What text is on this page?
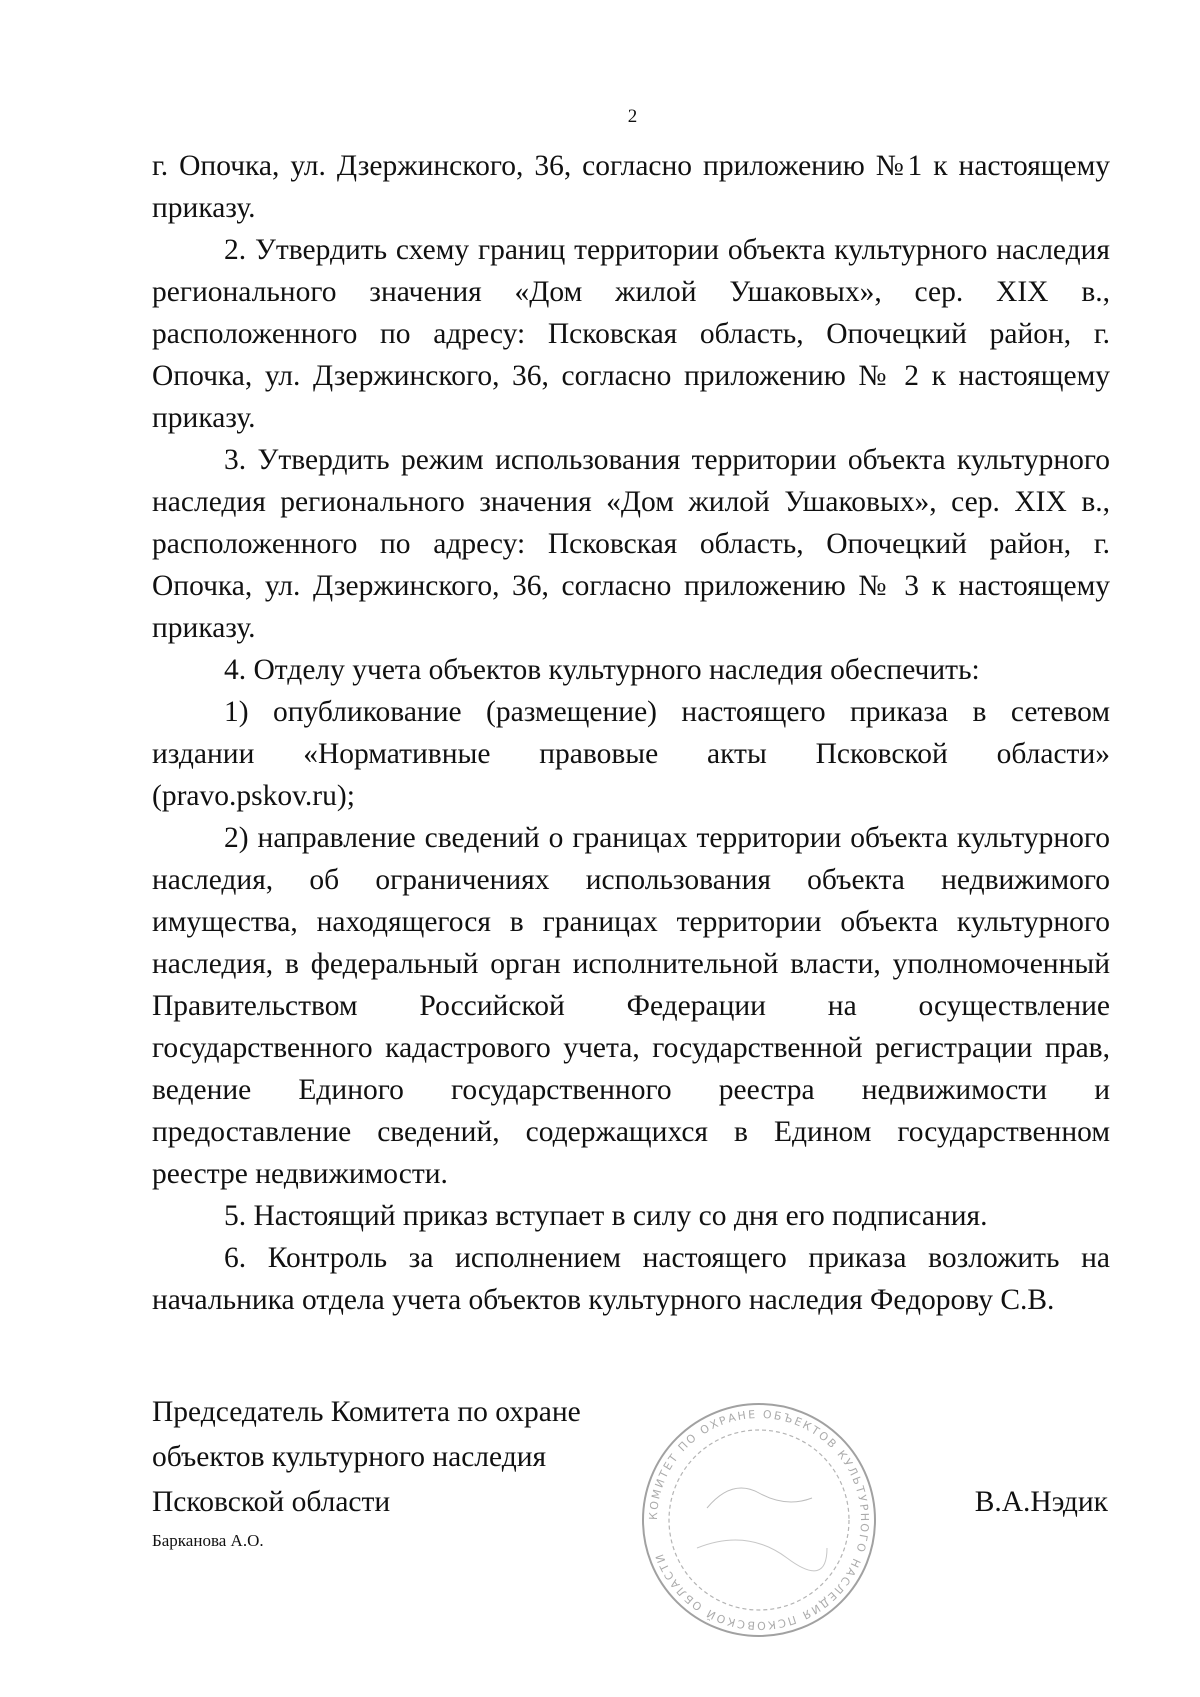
2

г. Опочка, ул. Дзержинского, 36, согласно приложению №1 к настоящему приказу.

2. Утвердить схему границ территории объекта культурного наследия регионального значения «Дом жилой Ушаковых», сер. XIX в., расположенного по адресу: Псковская область, Опочецкий район, г. Опочка, ул. Дзержинского, 36, согласно приложению № 2 к настоящему приказу.

3. Утвердить режим использования территории объекта культурного наследия регионального значения «Дом жилой Ушаковых», сер. XIX в., расположенного по адресу: Псковская область, Опочецкий район, г. Опочка, ул. Дзержинского, 36, согласно приложению № 3 к настоящему приказу.

4. Отделу учета объектов культурного наследия обеспечить:

1) опубликование (размещение) настоящего приказа в сетевом издании «Нормативные правовые акты Псковской области» (pravo.pskov.ru);

2) направление сведений о границах территории объекта культурного наследия, об ограничениях использования объекта недвижимого имущества, находящегося в границах территории объекта культурного наследия, в федеральный орган исполнительной власти, уполномоченный Правительством Российской Федерации на осуществление государственного кадастрового учета, государственной регистрации прав, ведение Единого государственного реестра недвижимости и предоставление сведений, содержащихся в Едином государственном реестре недвижимости.

5. Настоящий приказ вступает в силу со дня его подписания.

6. Контроль за исполнением настоящего приказа возложить на начальника отдела учета объектов культурного наследия Федорову С.В.

Председатель Комитета по охране
объектов культурного наследия
Псковской области
Барканова А.О.
КОМИТЕТ ПО ОХРАНЕ ОБЪЕКТОВ КУЛЬТУРНОГО НАСЛЕДИЯ ПСКОВСКОЙ ОБЛАСТИ
В.А.Нэдик
